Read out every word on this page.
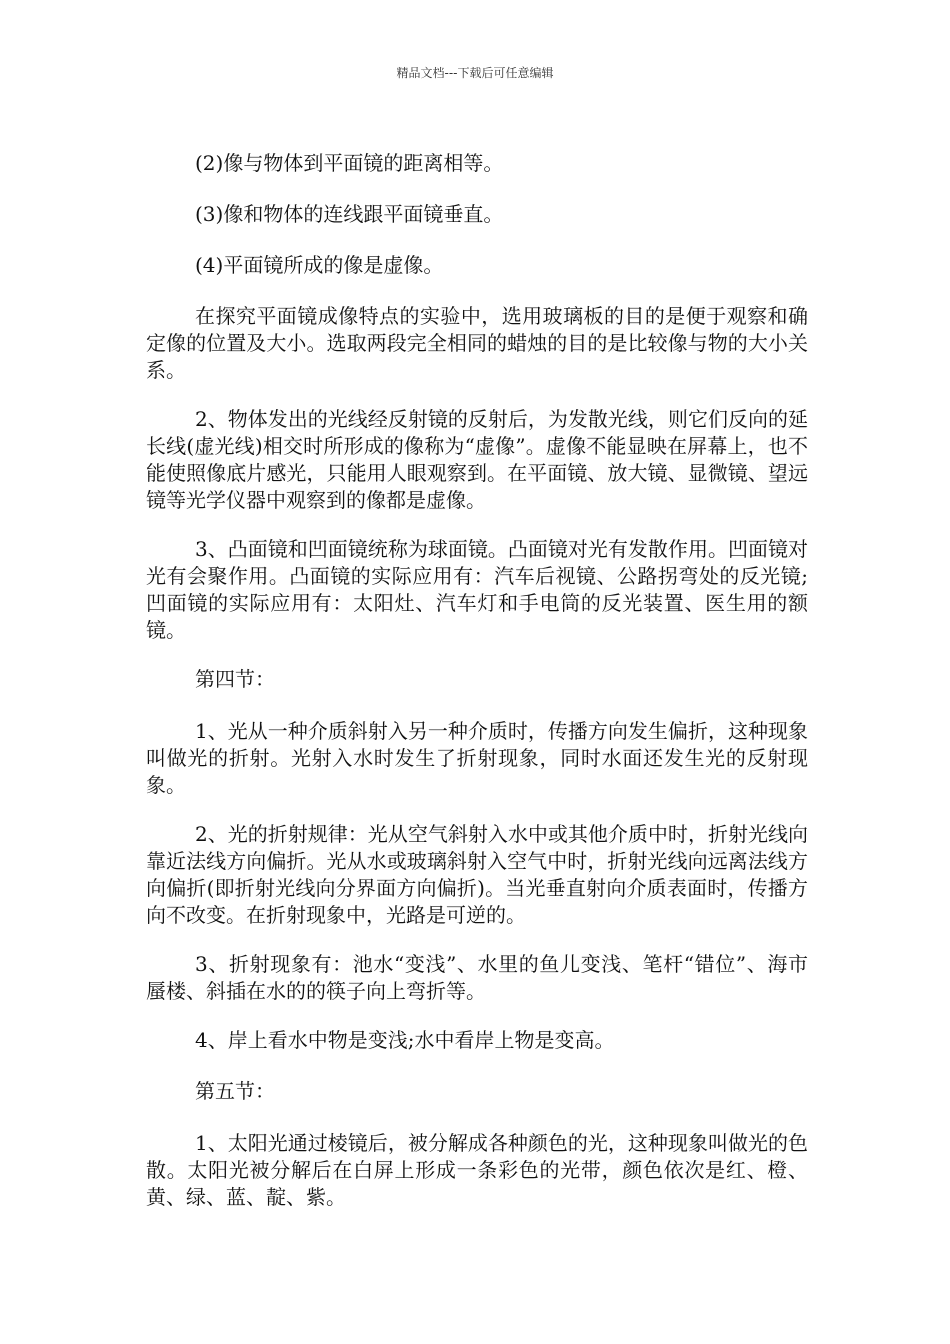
精品文档---下载后可任意编辑

(2)像与物体到平面镜的距离相等。

(3)像和物体的连线跟平面镜垂直。

(4)平面镜所成的像是虚像。

在探究平面镜成像特点的实验中，选用玻璃板的目的是便于观察和确定像的位置及大小。选取两段完全相同的蜡烛的目的是比较像与物的大小关系。

2、物体发出的光线经反射镜的反射后，为发散光线，则它们反向的延长线(虚光线)相交时所形成的像称为“虚像”。虚像不能显映在屏幕上，也不能使照像底片感光，只能用人眼观察到。在平面镜、放大镜、显微镜、望远镜等光学仪器中观察到的像都是虚像。

3、凸面镜和凹面镜统称为球面镜。凸面镜对光有发散作用。凹面镜对光有会聚作用。凸面镜的实际应用有：汽车后视镜、公路拐弯处的反光镜;凹面镜的实际应用有：太阳灶、汽车灯和手电筒的反光装置、医生用的额镜。

第四节：

1、光从一种介质斜射入另一种介质时，传播方向发生偏折，这种现象叫做光的折射。光射入水时发生了折射现象，同时水面还发生光的反射现象。

2、光的折射规律：光从空气斜射入水中或其他介质中时，折射光线向靠近法线方向偏折。光从水或玻璃斜射入空气中时，折射光线向远离法线方向偏折(即折射光线向分界面方向偏折)。当光垂直射向介质表面时，传播方向不改变。在折射现象中，光路是可逆的。

3、折射现象有：池水“变浅”、水里的鱼儿变浅、笔杆“错位”、海市蜃楼、斜插在水的的筷子向上弯折等。

4、岸上看水中物是变浅;水中看岸上物是变高。

第五节：

1、太阳光通过棱镜后，被分解成各种颜色的光，这种现象叫做光的色散。太阳光被分解后在白屏上形成一条彩色的光带，颜色依次是红、橙、黄、绿、蓝、靛、紫。
